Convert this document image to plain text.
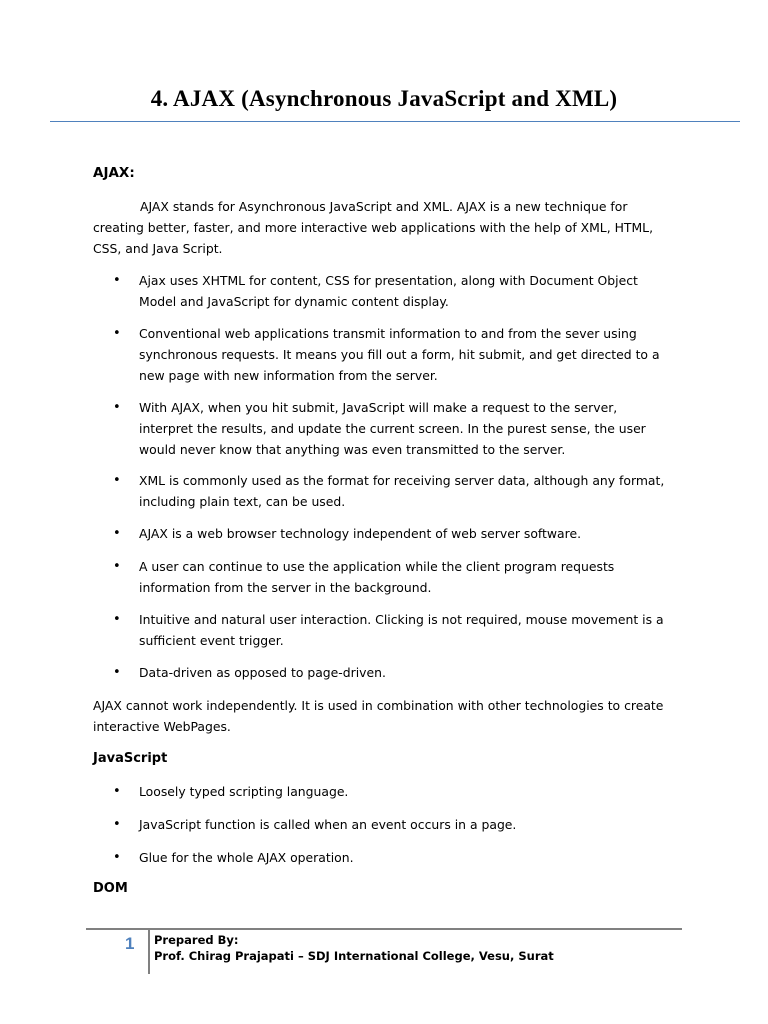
4. AJAX (Asynchronous JavaScript and XML)
AJAX:

AJAX stands for Asynchronous JavaScript and XML. AJAX is a new technique for creating better, faster, and more interactive web applications with the help of XML, HTML, CSS, and Java Script.

• Ajax uses XHTML for content, CSS for presentation, along with Document Object Model and JavaScript for dynamic content display.
• Conventional web applications transmit information to and from the sever using synchronous requests. It means you fill out a form, hit submit, and get directed to a new page with new information from the server.
• With AJAX, when you hit submit, JavaScript will make a request to the server, interpret the results, and update the current screen. In the purest sense, the user would never know that anything was even transmitted to the server.
• XML is commonly used as the format for receiving server data, although any format, including plain text, can be used.
• AJAX is a web browser technology independent of web server software.
• A user can continue to use the application while the client program requests information from the server in the background.
• Intuitive and natural user interaction. Clicking is not required, mouse movement is a sufficient event trigger.
• Data-driven as opposed to page-driven.

AJAX cannot work independently. It is used in combination with other technologies to create interactive WebPages.

JavaScript
• Loosely typed scripting language.
• JavaScript function is called when an event occurs in a page.
• Glue for the whole AJAX operation.
DOM
1 Prepared By:
Prof. Chirag Prajapati – SDJ International College, Vesu, Surat
